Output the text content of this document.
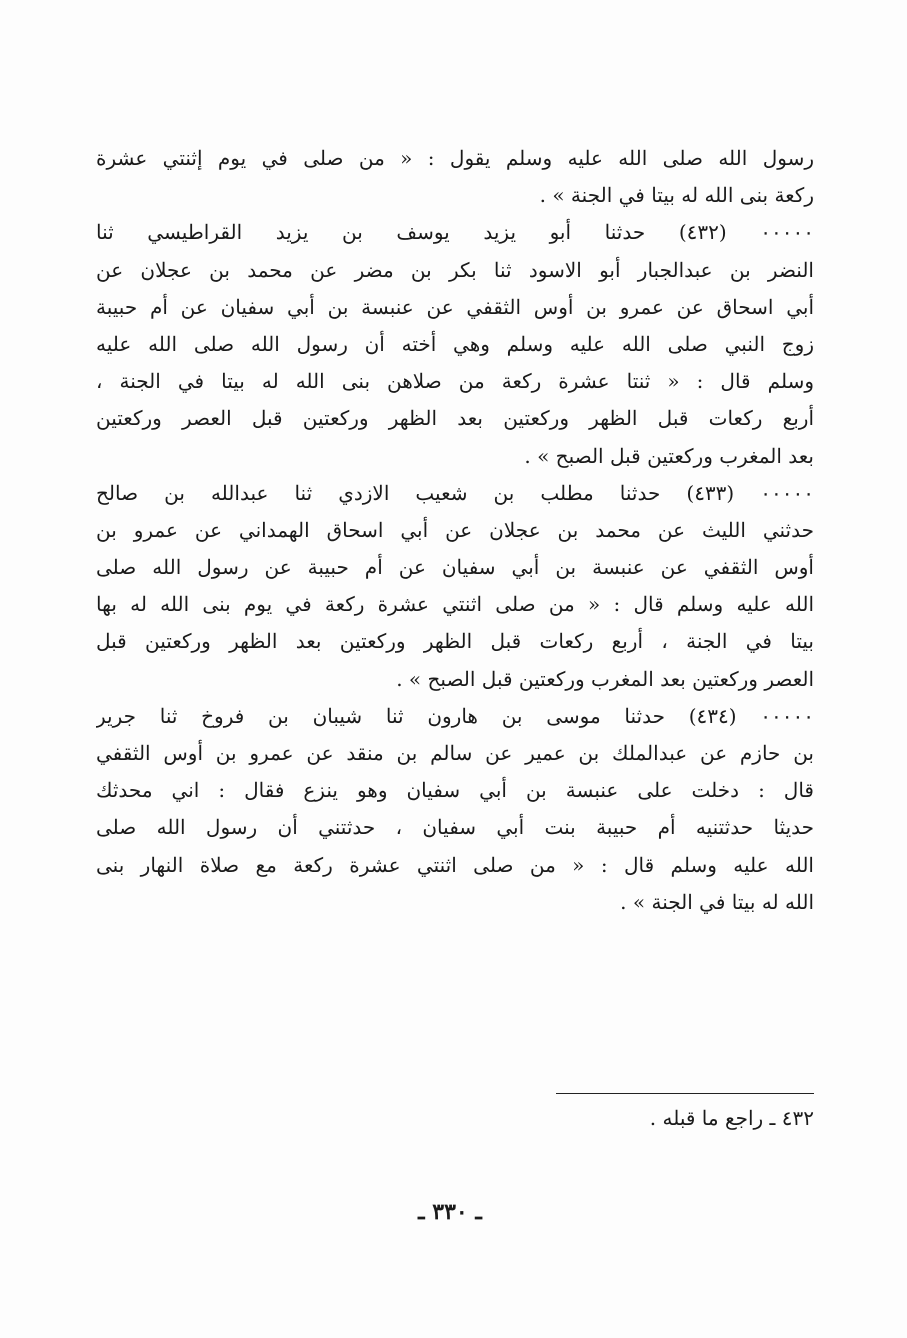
رسول الله صلى الله عليه وسلم يقول : « من صلى في يوم إثنتي عشرة
ركعة بنى الله له بيتا في الجنة » .
٠٠٠٠٠ (٤٣٢) حدثنا أبو يزيد يوسف بن يزيد القراطيسي ثنا
النضر بن عبدالجبار أبو الاسود ثنا بكر بن مضر عن محمد بن عجلان عن
أبي اسحاق عن عمرو بن أوس الثقفي عن عنبسة بن أبي سفيان عن أم حبيبة
زوج النبي صلى الله عليه وسلم وهي أخته أن رسول الله صلى الله عليه
وسلم قال : « ثنتا عشرة ركعة من صلاهن بنى الله له بيتا في الجنة ،
أربع ركعات قبل الظهر وركعتين بعد الظهر وركعتين قبل العصر وركعتين
بعد المغرب وركعتين قبل الصبح » .
٠٠٠٠٠ (٤٣٣) حدثنا مطلب بن شعيب الازدي ثنا عبدالله بن صالح
حدثني الليث عن محمد بن عجلان عن أبي اسحاق الهمداني عن عمرو بن
أوس الثقفي عن عنبسة بن أبي سفيان عن أم حبيبة عن رسول الله صلى
الله عليه وسلم قال : « من صلى اثنتي عشرة ركعة في يوم بنى الله له بها
بيتا في الجنة ، أربع ركعات قبل الظهر وركعتين بعد الظهر وركعتين قبل
العصر وركعتين بعد المغرب وركعتين قبل الصبح » .
٠٠٠٠٠ (٤٣٤) حدثنا موسى بن هارون ثنا شيبان بن فروخ ثنا جرير
بن حازم عن عبدالملك بن عمير عن سالم بن منقد عن عمرو بن أوس الثقفي
قال : دخلت على عنبسة بن أبي سفيان وهو ينزع فقال : اني محدثك
حديثا حدثتنيه أم حبيبة بنت أبي سفيان ، حدثتني أن رسول الله صلى
الله عليه وسلم قال : « من صلى اثنتي عشرة ركعة مع صلاة النهار بنى
الله له بيتا في الجنة » .
٤٣٢ ـ راجع ما قبله .
ـ ٣٣٠ ـ
